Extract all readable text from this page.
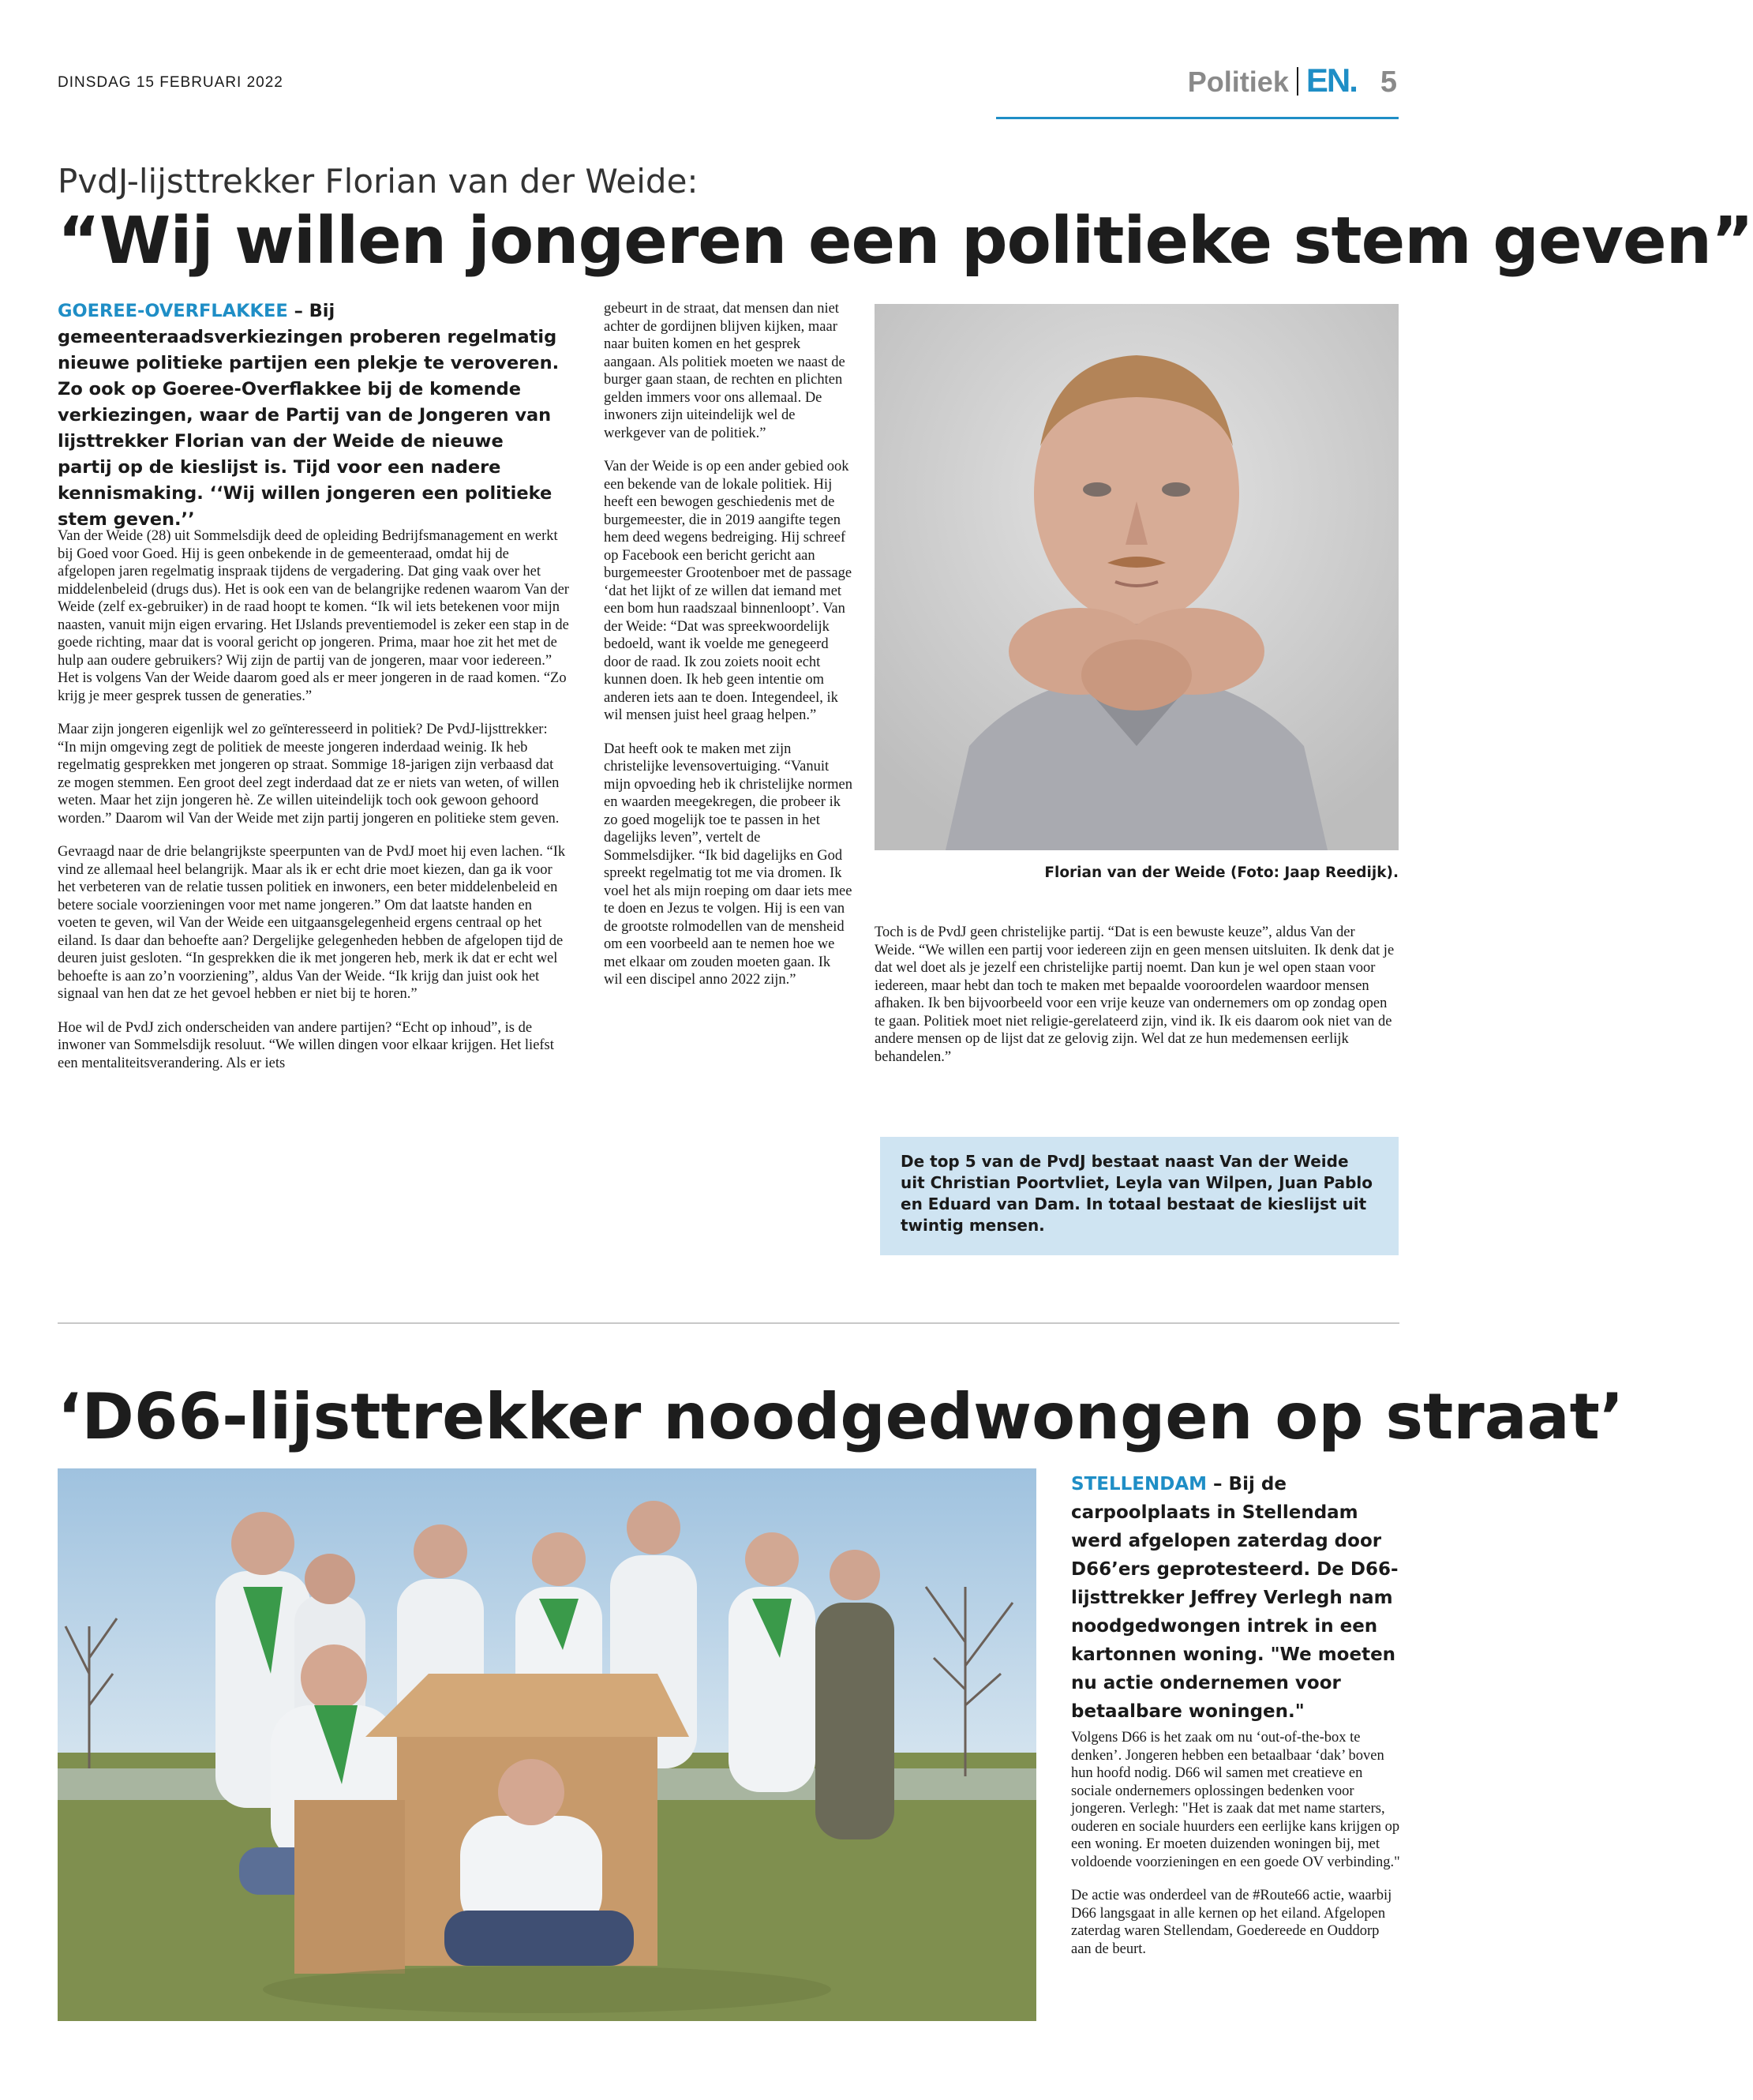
DINSDAG 15 FEBRUARI 2022	Politiek EN. 5
PvdJ-lijsttrekker Florian van der Weide:
“Wij willen jongeren een politieke stem geven”
GOEREE-OVERFLAKKEE – Bij gemeenteraadsverkiezingen proberen regelmatig nieuwe politieke partijen een plekje te veroveren. Zo ook op Goeree-Overflakkee bij de komende verkiezingen, waar de Partij van de Jongeren van lijsttrekker Florian van der Weide de nieuwe partij op de kieslijst is. Tijd voor een nadere kennismaking. ‘‘Wij willen jongeren een politieke stem geven.’’

Van der Weide (28) uit Sommelsdijk deed de opleiding Bedrijfsmanagement en werkt bij Goed voor Goed. Hij is geen onbekende in de gemeenteraad, omdat hij de afgelopen jaren regelmatig inspraak tijdens de vergadering. Dat ging vaak over het middelenbeleid (drugs dus). Het is ook een van de belangrijke redenen waarom Van der Weide (zelf ex-gebruiker) in de raad hoopt te komen. “Ik wil iets betekenen voor mijn naasten, vanuit mijn eigen ervaring. Het IJslands preventiemodel is zeker een stap in de goede richting, maar dat is vooral gericht op jongeren. Prima, maar hoe zit het met de hulp aan oudere gebruikers? Wij zijn de partij van de jongeren, maar voor iedereen.” Het is volgens Van der Weide daarom goed als er meer jongeren in de raad komen. “Zo krijg je meer gesprek tussen de generaties.”

Maar zijn jongeren eigenlijk wel zo geïnteresseerd in politiek? De PvdJ-lijsttrekker: “In mijn omgeving zegt de politiek de meeste jongeren inderdaad weinig. Ik heb regelmatig gesprekken met jongeren op straat. Sommige 18-jarigen zijn verbaasd dat ze mogen stemmen. Een groot deel zegt inderdaad dat ze er niets van weten, of willen weten. Maar het zijn jongeren hè. Ze willen uiteindelijk toch ook gewoon gehoord worden.” Daarom wil Van der Weide met zijn partij jongeren en politieke stem geven.

Gevraagd naar de drie belangrijkste speerpunten van de PvdJ moet hij even lachen. “Ik vind ze allemaal heel belangrijk. Maar als ik er echt drie moet kiezen, dan ga ik voor het verbeteren van de relatie tussen politiek en inwoners, een beter middelenbeleid en betere sociale voorzieningen voor met name jongeren.” Om dat laatste handen en voeten te geven, wil Van der Weide een uitgaansgelegenheid ergens centraal op het eiland. Is daar dan behoefte aan? Dergelijke gelegenheden hebben de afgelopen tijd de deuren juist gesloten. “In gesprekken die ik met jongeren heb, merk ik dat er echt wel behoefte is aan zo’n voorziening”, aldus Van der Weide. “Ik krijg dan juist ook het signaal van hen dat ze het gevoel hebben er niet bij te horen.”

Hoe wil de PvdJ zich onderscheiden van andere partijen? “Echt op inhoud”, is de inwoner van Sommelsdijk resoluut. “We willen dingen voor elkaar krijgen. Het liefst een mentaliteitsverandering. Als er iets

gebeurt in de straat, dat mensen dan niet achter de gordijnen blijven kijken, maar naar buiten komen en het gesprek aangaan. Als politiek moeten we naast de burger gaan staan, de rechten en plichten gelden immers voor ons allemaal. De inwoners zijn uiteindelijk wel de werkgever van de politiek.”

Van der Weide is op een ander gebied ook een bekende van de lokale politiek. Hij heeft een bewogen geschiedenis met de burgemeester, die in 2019 aangifte tegen hem deed wegens bedreiging. Hij schreef op Facebook een bericht gericht aan burgemeester Grootenboer met de passage ‘dat het lijkt of ze willen dat iemand met een bom hun raadszaal binnenloopt’. Van der Weide: “Dat was spreekwoordelijk bedoeld, want ik voelde me genegeerd door de raad. Ik zou zoiets nooit echt kunnen doen. Ik heb geen intentie om anderen iets aan te doen. Integendeel, ik wil mensen juist heel graag helpen.”

Dat heeft ook te maken met zijn christelijke levensovertuiging. “Vanuit mijn opvoeding heb ik christelijke normen en waarden meegekregen, die probeer ik zo goed mogelijk toe te passen in het dagelijks leven”, vertelt de Sommelsdijker. “Ik bid dagelijks en God spreekt regelmatig tot me via dromen. Ik voel het als mijn roeping om daar iets mee te doen en Jezus te volgen. Hij is een van de grootste rolmodellen van de mensheid om een voorbeeld aan te nemen hoe we met elkaar om zouden moeten gaan. Ik wil een discipel anno 2022 zijn.”

Florian van der Weide (Foto: Jaap Reedijk).

Toch is de PvdJ geen christelijke partij. “Dat is een bewuste keuze”, aldus Van der Weide. “We willen een partij voor iedereen zijn en geen mensen uitsluiten. Ik denk dat je dat wel doet als je jezelf een christelijke partij noemt. Dan kun je wel open staan voor iedereen, maar hebt dan toch te maken met bepaalde vooroordelen waardoor mensen afhaken. Ik ben bijvoorbeeld voor een vrije keuze van ondernemers om op zondag open te gaan. Politiek moet niet religie-gerelateerd zijn, vind ik. Ik eis daarom ook niet van de andere mensen op de lijst dat ze gelovig zijn. Wel dat ze hun medemensen eerlijk behandelen.”

De top 5 van de PvdJ bestaat naast Van der Weide uit Christian Poortvliet, Leyla van Wilpen, Juan Pablo en Eduard van Dam. In totaal bestaat de kieslijst uit twintig mensen.
‘D66-lijsttrekker noodgedwongen op straat’
STELLENDAM – Bij de carpoolplaats in Stellendam werd afgelopen zaterdag door D66’ers geprotesteerd. De D66-lijsttrekker Jeffrey Verlegh nam noodgedwongen intrek in een kartonnen woning. "We moeten nu actie ondernemen voor betaalbare woningen."

Volgens D66 is het zaak om nu ‘out-of-the-box te denken’. Jongeren hebben een betaalbaar ‘dak’ boven hun hoofd nodig. D66 wil samen met creatieve en sociale ondernemers oplossingen bedenken voor jongeren. Verlegh: "Het is zaak dat met name starters, ouderen en sociale huurders een eerlijke kans krijgen op een woning. Er moeten duizenden woningen bij, met voldoende voorzieningen en een goede OV verbinding."

De actie was onderdeel van de #Route66 actie, waarbij D66 langsgaat in alle kernen op het eiland. Afgelopen zaterdag waren Stellendam, Goedereede en Ouddorp aan de beurt.
